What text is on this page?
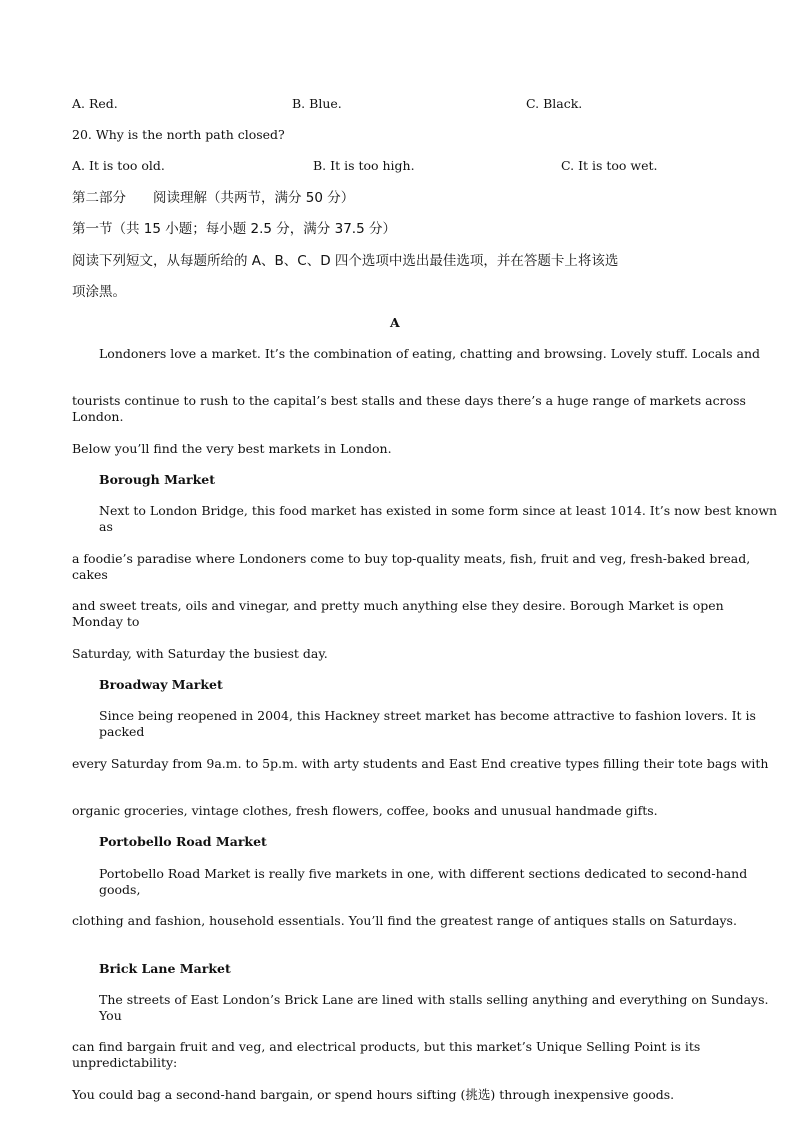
A. Red.	B. Blue.	C. Black.
20. Why is the north path closed?
A. It is too old.	B. It is too high.	C. It is too wet.
第二部分　　阅读理解（共两节，满分 50 分）
第一节（共 15 小题；每小题 2.5 分，满分 37.5 分）
阅读下列短文，从每题所给的 A、B、C、D 四个选项中选出最佳选项，并在答题卡上将该选
项涂黑。
A
Londoners love a market. It’s the combination of eating, chatting and browsing. Lovely stuff. Locals and
tourists continue to rush to the capital’s best stalls and these days there’s a huge range of markets across London.
Below you’ll find the very best markets in London.
Borough Market
Next to London Bridge, this food market has existed in some form since at least 1014. It’s now best known as
a foodie’s paradise where Londoners come to buy top-quality meats, fish, fruit and veg, fresh-baked bread, cakes
and sweet treats, oils and vinegar, and pretty much anything else they desire. Borough Market is open Monday to
Saturday, with Saturday the busiest day.
Broadway Market
Since being reopened in 2004, this Hackney street market has become attractive to fashion lovers. It is packed
every Saturday from 9a.m. to 5p.m. with arty students and East End creative types filling their tote bags with
organic groceries, vintage clothes, fresh flowers, coffee, books and unusual handmade gifts.
Portobello Road Market
Portobello Road Market is really five markets in one, with different sections dedicated to second-hand goods,
clothing and fashion, household essentials. You’ll find the greatest range of antiques stalls on Saturdays.
Brick Lane Market
The streets of East London’s Brick Lane are lined with stalls selling anything and everything on Sundays. You
can find bargain fruit and veg, and electrical products, but this market’s Unique Selling Point is its unpredictability:
You could bag a second-hand bargain, or spend hours sifting (挑选) through inexpensive goods.
